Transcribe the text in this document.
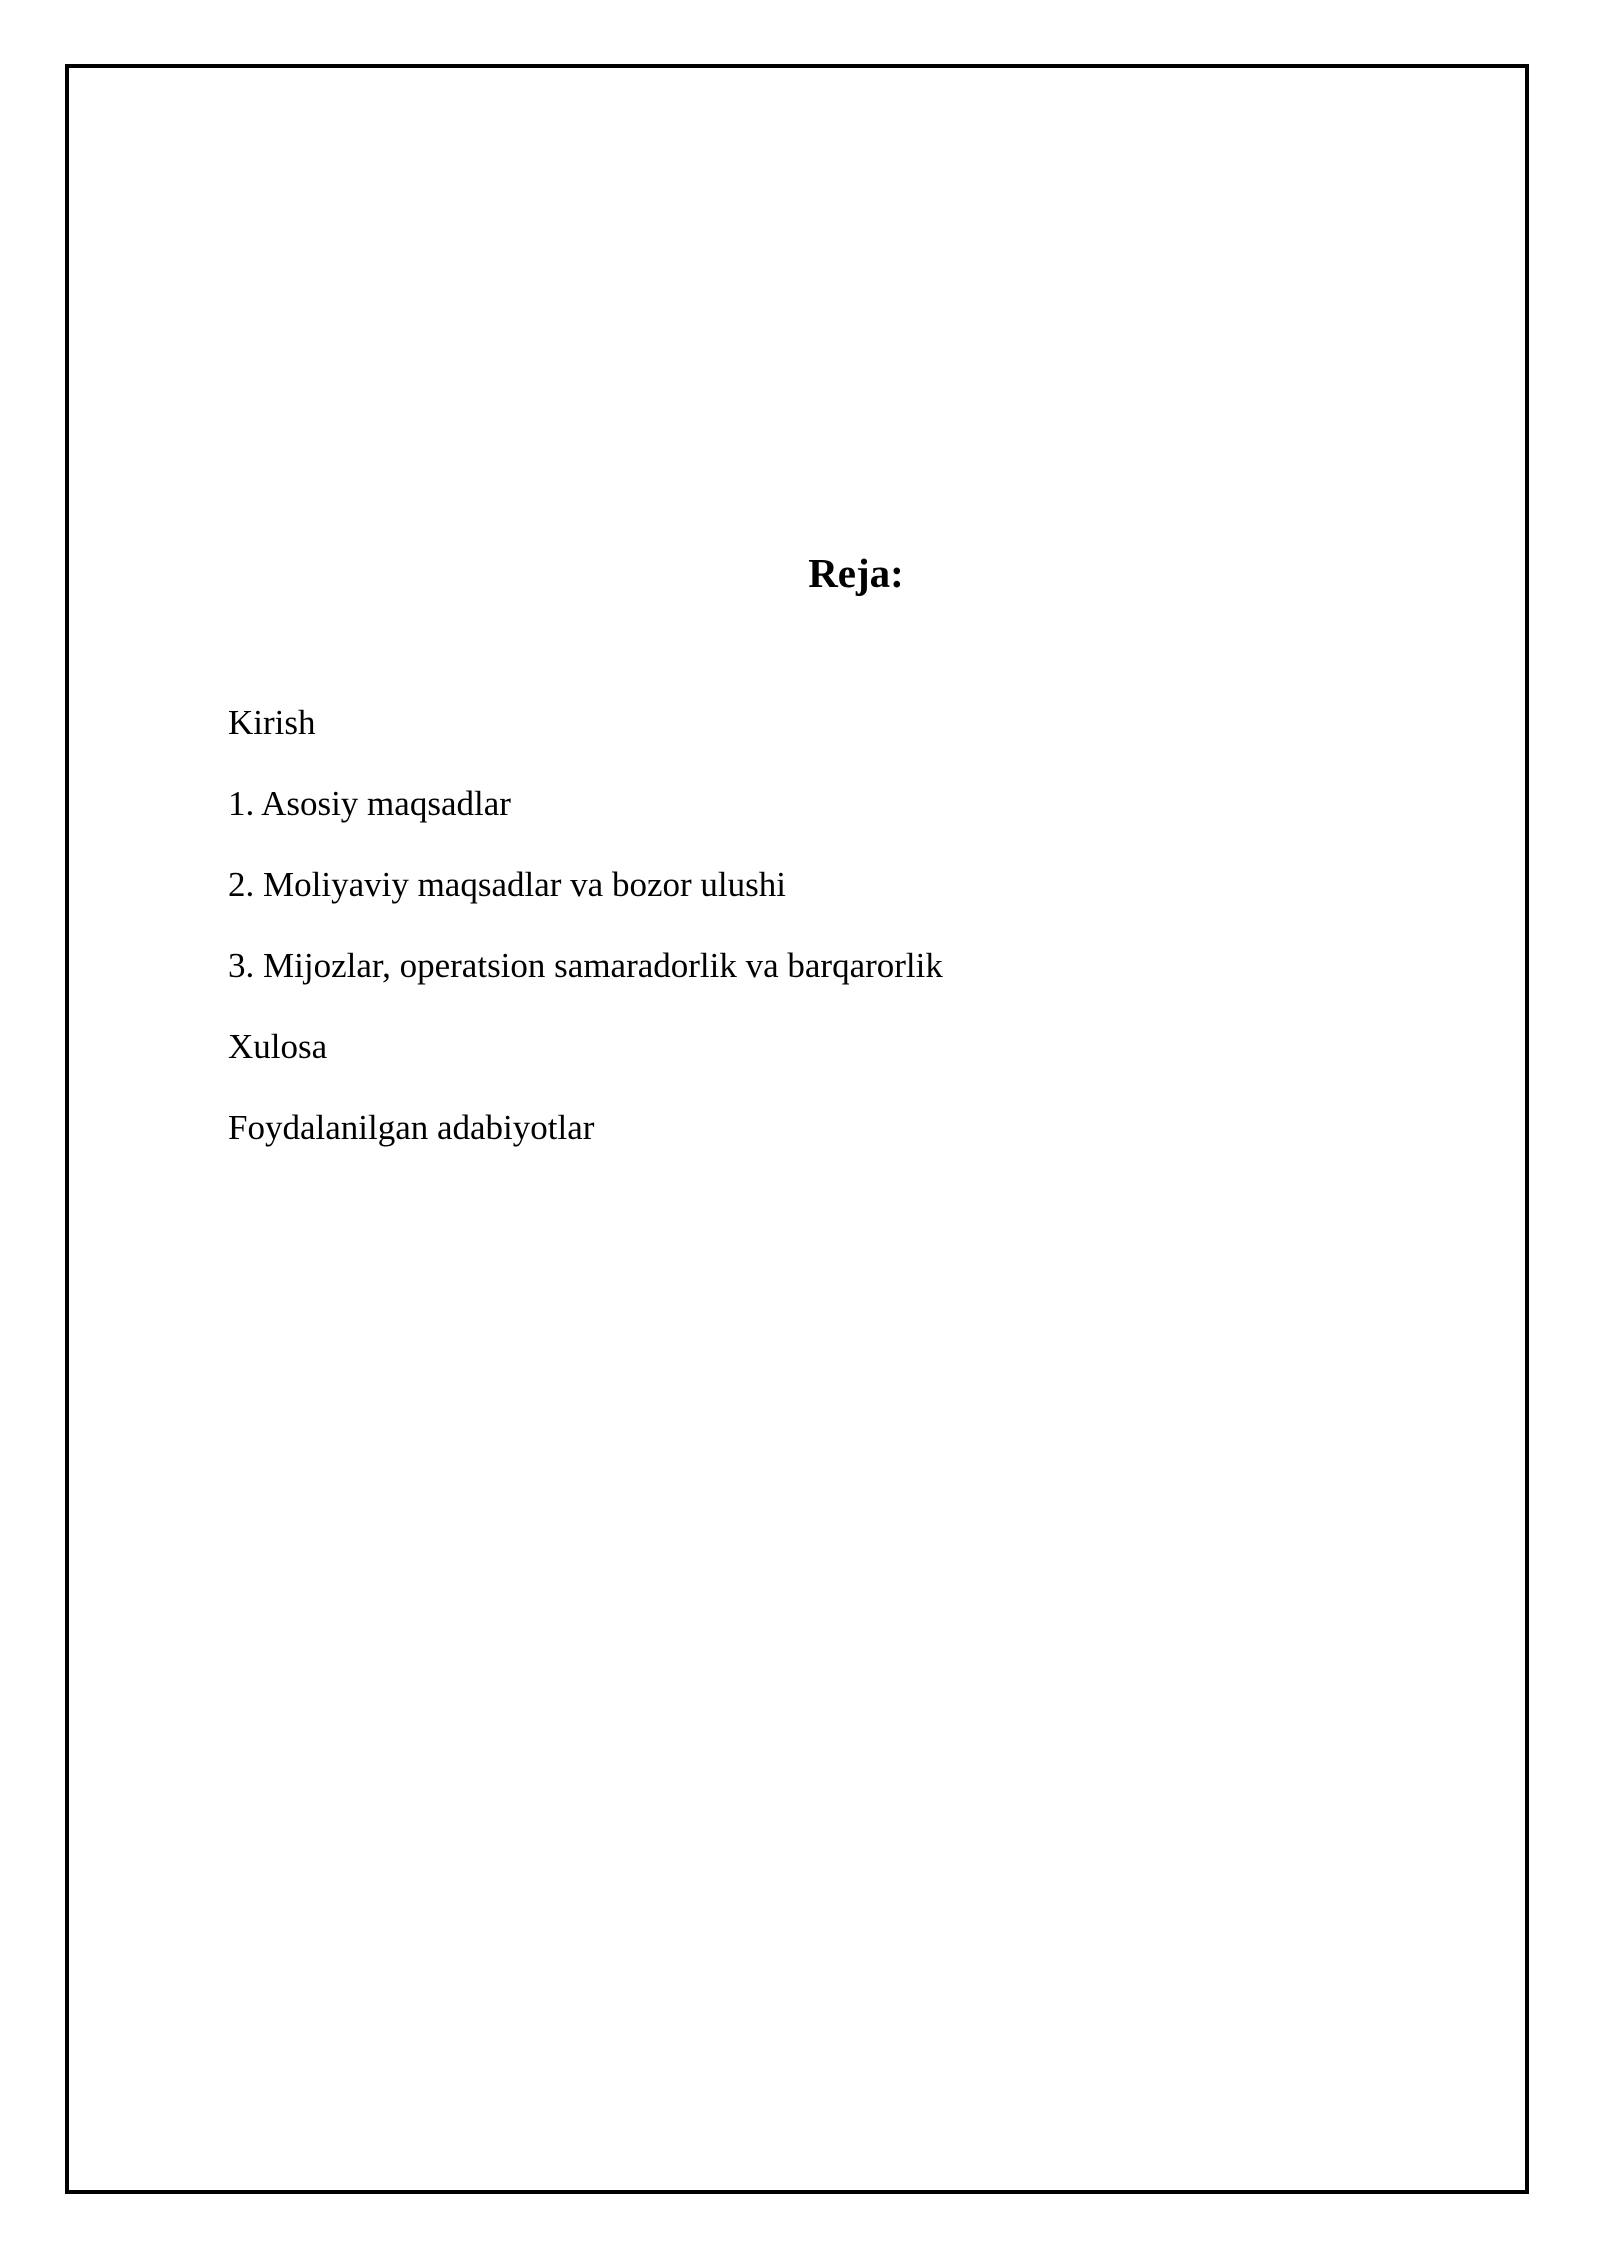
Reja:
Kirish
1. Asosiy maqsadlar
2. Moliyaviy maqsadlar va bozor ulushi
3. Mijozlar, operatsion samaradorlik va barqarorlik
Xulosa
Foydalanilgan adabiyotlar
